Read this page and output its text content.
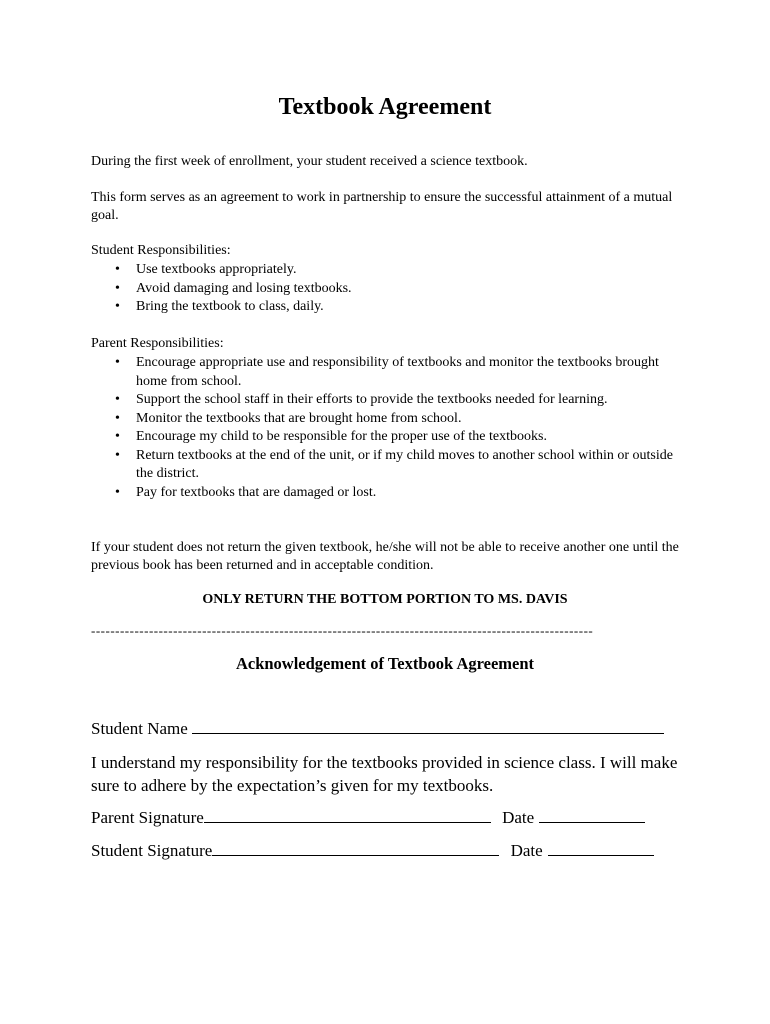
Textbook Agreement

During the first week of enrollment, your student received a science textbook.

This form serves as an agreement to work in partnership to ensure the successful attainment of a mutual goal.

Student Responsibilities:

• Use textbooks appropriately.
• Avoid damaging and losing textbooks.
• Bring the textbook to class, daily.

Parent Responsibilities:

• Encourage appropriate use and responsibility of textbooks and monitor the textbooks brought home from school.
• Support the school staff in their efforts to provide the textbooks needed for learning.
• Monitor the textbooks that are brought home from school.
• Encourage my child to be responsible for the proper use of the textbooks.
• Return textbooks at the end of the unit, or if my child moves to another school within or outside the district.
• Pay for textbooks that are damaged or lost.

If your student does not return the given textbook, he/she will not be able to receive another one until the previous book has been returned and in acceptable condition.

ONLY RETURN THE BOTTOM PORTION TO MS. DAVIS

--------------------------------------------------------------------------------------------------------

Acknowledgement of Textbook Agreement

Student Name

I understand my responsibility for the textbooks provided in science class. I will make sure to adhere by the expectation’s given for my textbooks.

Parent Signature	Date

Student Signature	Date
